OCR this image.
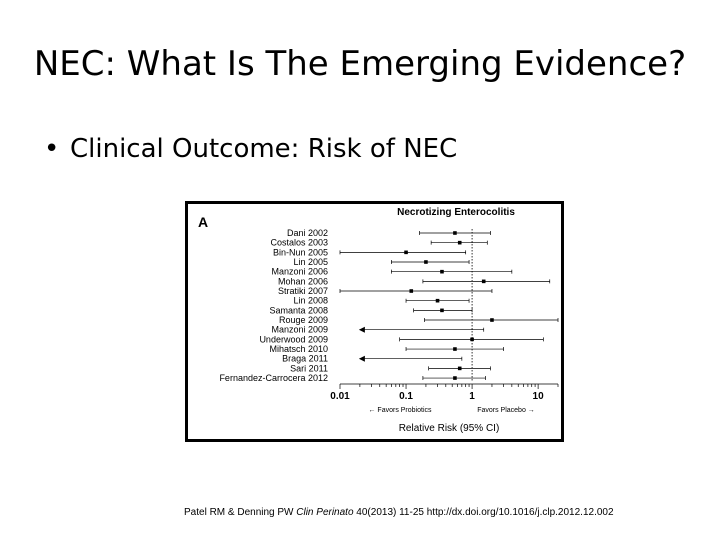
NEC: What Is The Emerging Evidence?
• Clinical Outcome: Risk of NEC
A
Necrotizing Enterocolitis
Dani 2002
Costalos 2003
Bin-Nun 2005
Lin 2005
Manzoni 2006
Mohan 2006
Stratiki 2007
Lin 2008
Samanta 2008
Rouge 2009
Manzoni 2009
Underwood 2009
Mihatsch 2010
Braga 2011
Sari 2011
Fernandez-Carrocera 2012
0.01	0.1	1	10
← Favors Probiotics	Favors Placebo →
Relative Risk (95% CI)
Patel RM & Denning PW Clin Perinato 40(2013) 11-25 http://dx.doi.org/10.1016/j.clp.2012.12.002
